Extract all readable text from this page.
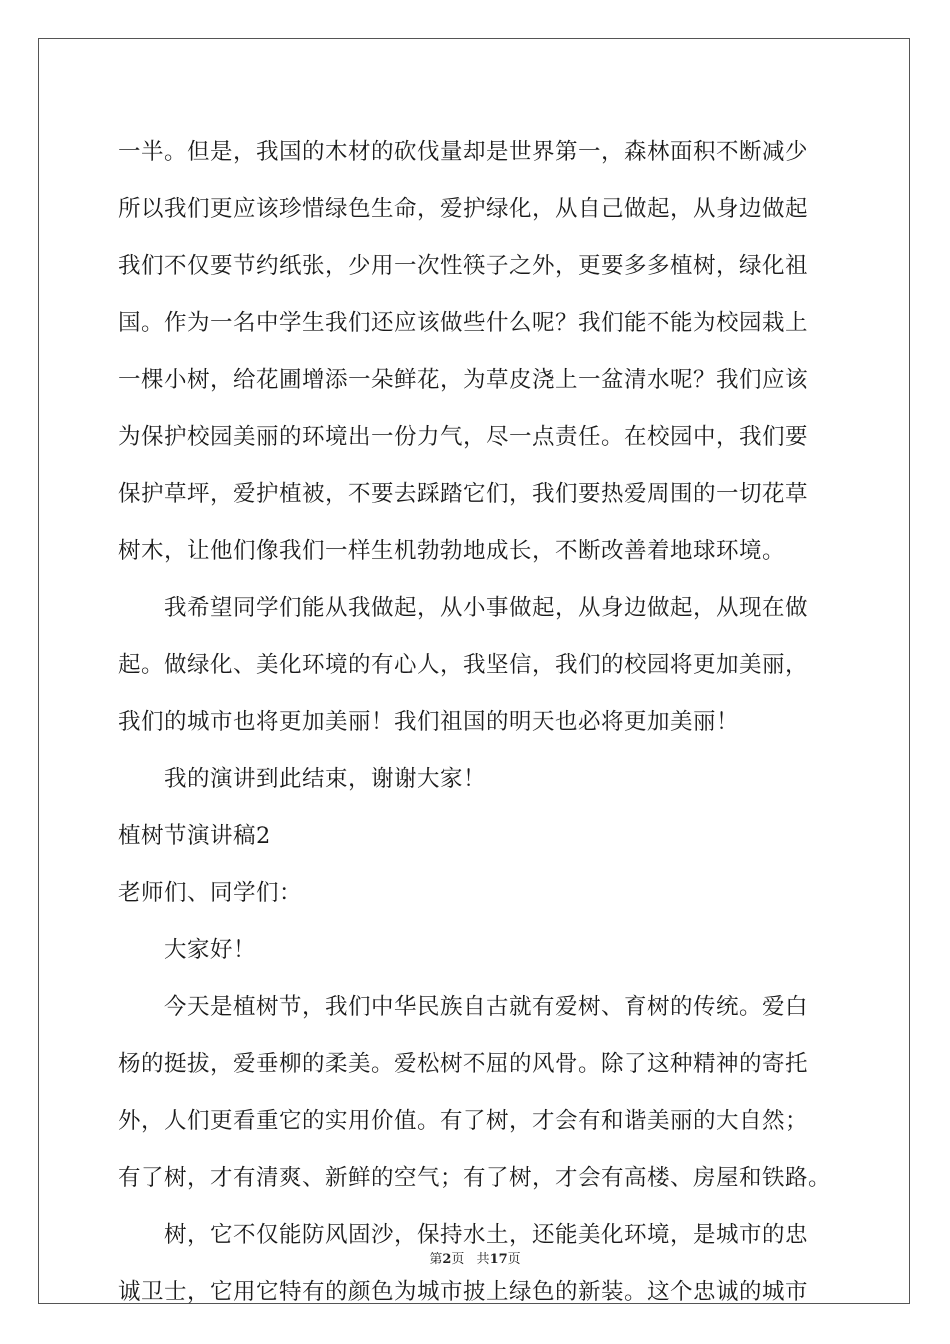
一半。但是，我国的木材的砍伐量却是世界第一，森林面积不断减少
所以我们更应该珍惜绿色生命，爱护绿化，从自己做起，从身边做起
我们不仅要节约纸张，少用一次性筷子之外，更要多多植树，绿化祖
国。作为一名中学生我们还应该做些什么呢？我们能不能为校园栽上
一棵小树，给花圃增添一朵鲜花，为草皮浇上一盆清水呢？我们应该
为保护校园美丽的环境出一份力气，尽一点责任。在校园中，我们要
保护草坪，爱护植被，不要去踩踏它们，我们要热爱周围的一切花草
树木，让他们像我们一样生机勃勃地成长，不断改善着地球环境。
我希望同学们能从我做起，从小事做起，从身边做起，从现在做
起。做绿化、美化环境的有心人，我坚信，我们的校园将更加美丽，
我们的城市也将更加美丽！我们祖国的明天也必将更加美丽！
我的演讲到此结束，谢谢大家！
植树节演讲稿2
老师们、同学们：
大家好！
今天是植树节，我们中华民族自古就有爱树、育树的传统。爱白
杨的挺拔，爱垂柳的柔美。爱松树不屈的风骨。除了这种精神的寄托
外，人们更看重它的实用价值。有了树，才会有和谐美丽的大自然；
有了树，才有清爽、新鲜的空气；有了树，才会有高楼、房屋和铁路。
树，它不仅能防风固沙，保持水土，还能美化环境，是城市的忠
诚卫士，它用它特有的颜色为城市披上绿色的新装。这个忠诚的城市
第2页 共17页
